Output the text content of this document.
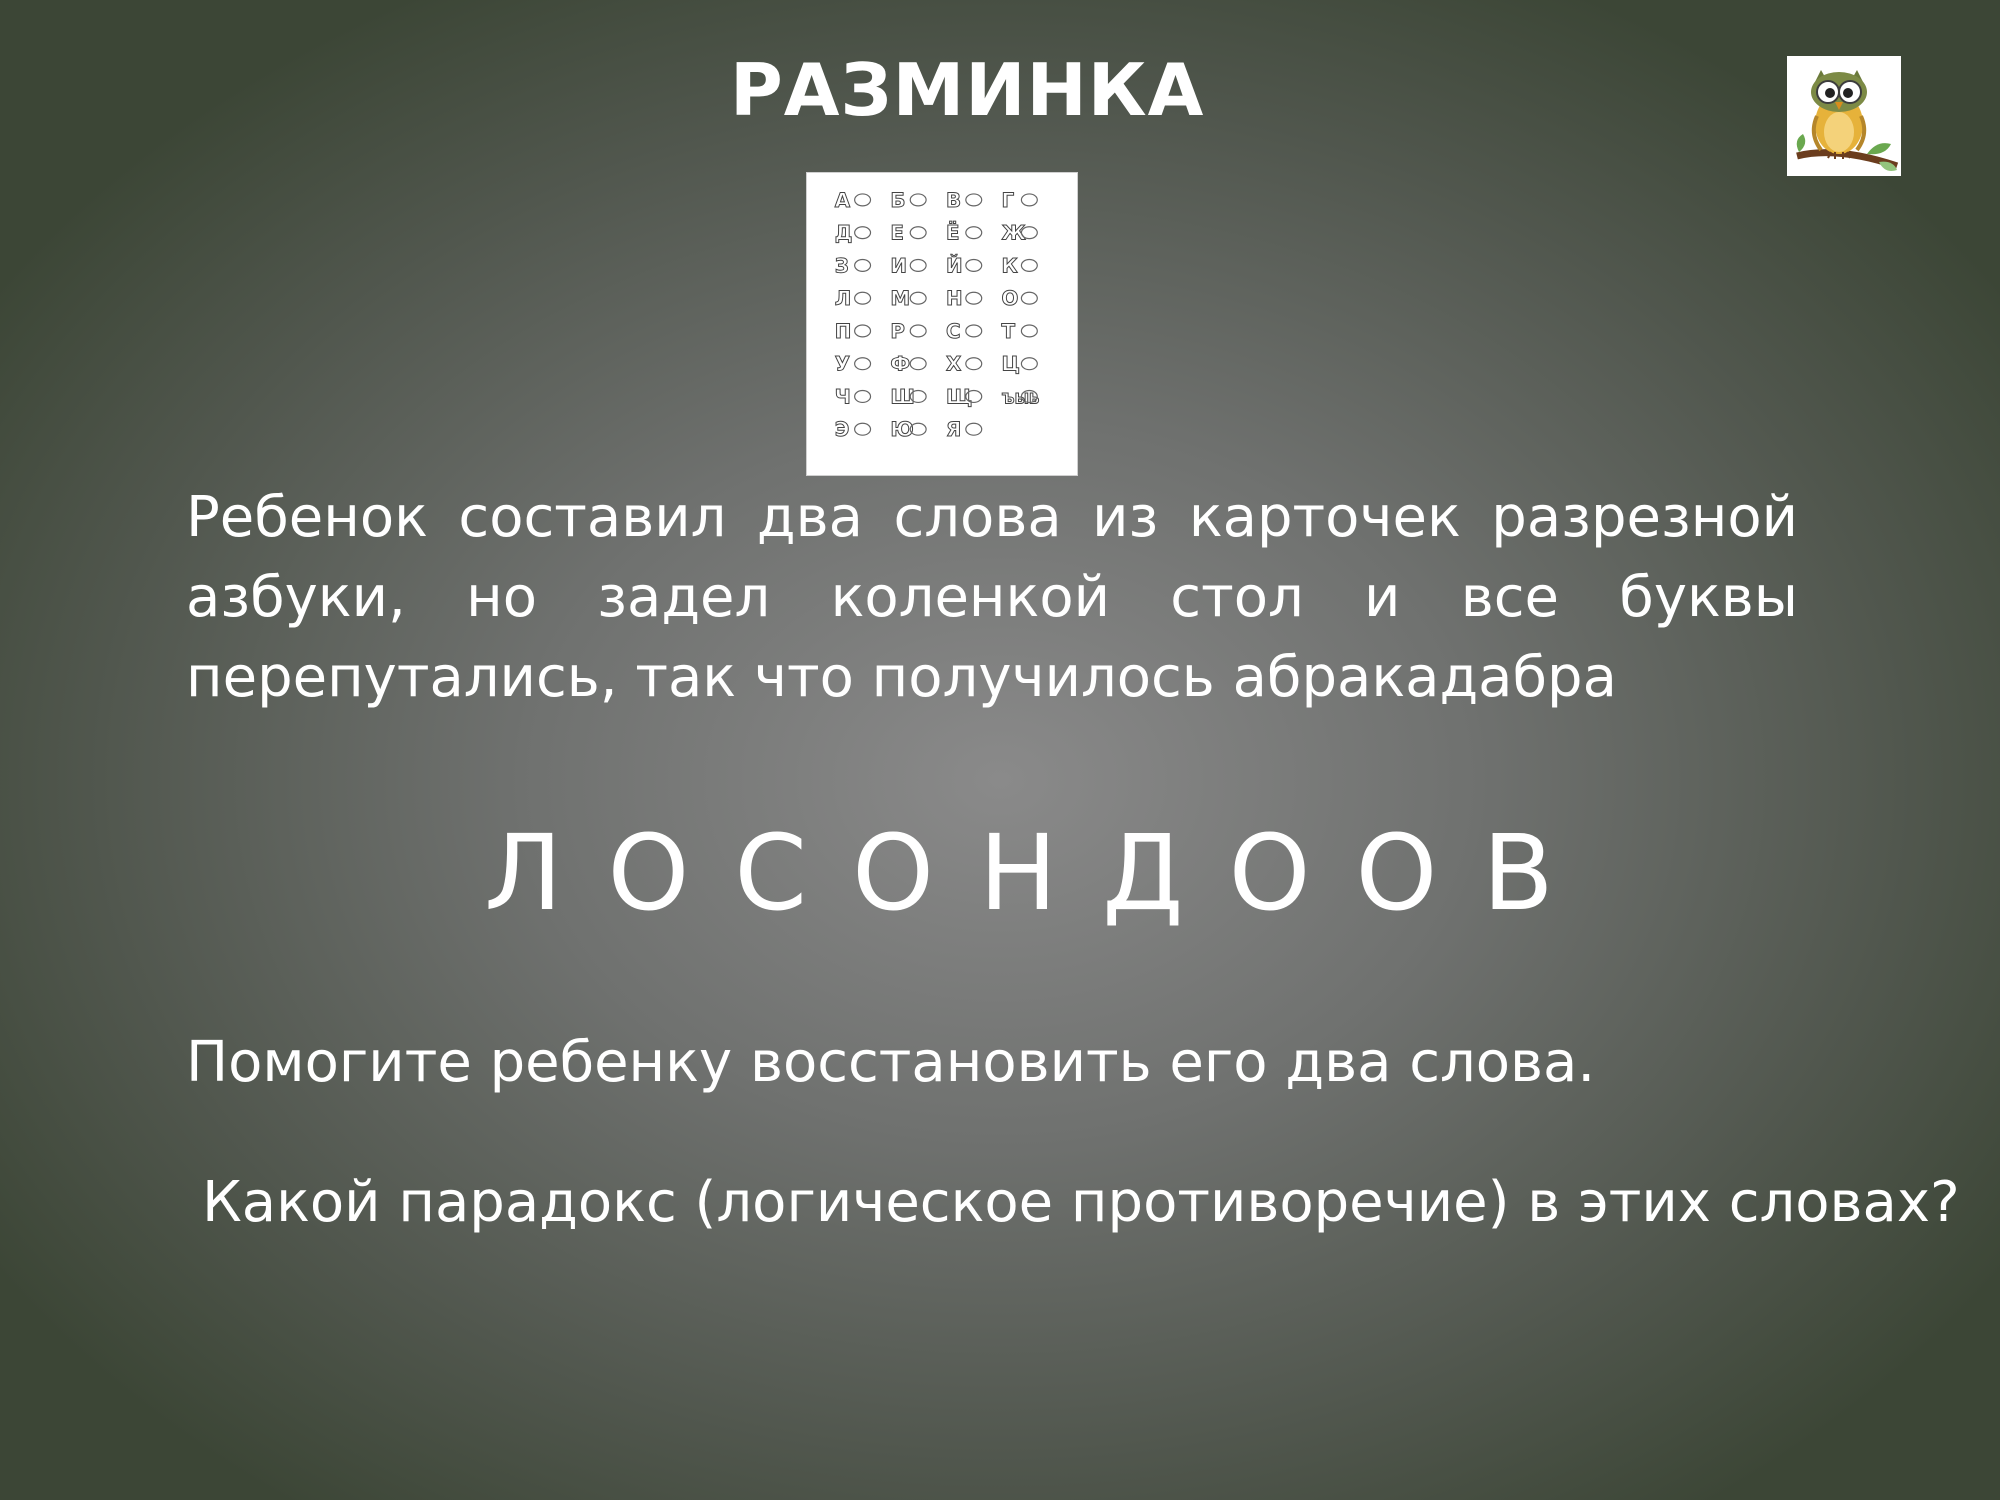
РАЗМИНКА
А Б В Г
Д Е Ё Ж
З И Й К
Л М Н О
П Р С Т
У Ф Х Ц
Ч Ш Щ ЪЫЬ
Э Ю Я
Ребенок составил два слова из карточек разрезной
азбуки, но задел коленкой стол и все буквы
перепутались, так что получилось абракадабра
Л О С О Н Д О О В
Помогите ребенку восстановить его два слова.
Какой парадокс (логическое противоречие) в этих словах?
